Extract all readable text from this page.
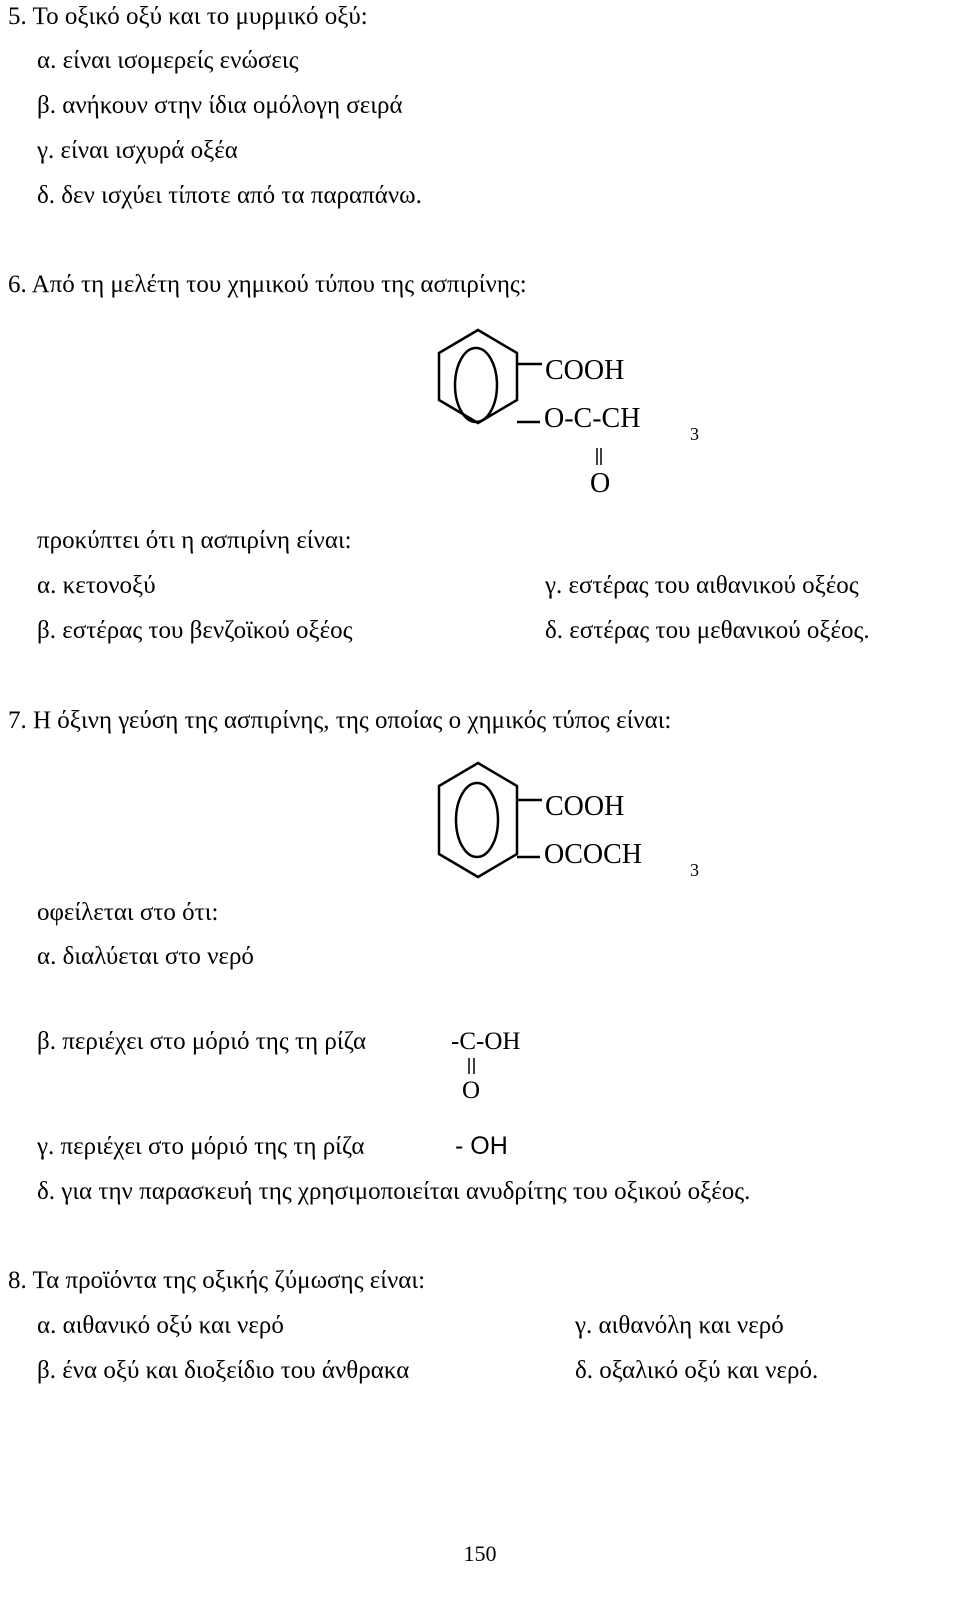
5. Το οξικό οξύ και το μυρμικό οξύ:
α. είναι ισομερείς ενώσεις
β. ανήκουν στην ίδια ομόλογη σειρά
γ. είναι ισχυρά οξέα
δ. δεν ισχύει τίποτε από τα παραπάνω.
6. Από τη μελέτη του χημικού τύπου της ασπιρίνης:
COOH
O-C-CH	3
O
προκύπτει ότι η ασπιρίνη είναι:
α. κετονοξύ	γ. εστέρας του αιθανικού οξέος
β. εστέρας του βενζοϊκού οξέος	δ. εστέρας του μεθανικού οξέος.
7. Η όξινη γεύση της ασπιρίνης, της οποίας ο χημικός τύπος είναι:
COOH
OCOCH	3
οφείλεται στο ότι:
α. διαλύεται στο νερό
β. περιέχει στο μόριό της τη ρίζα	-C-OH
O
γ. περιέχει στο μόριό της τη ρίζα	- OH
δ. για την παρασκευή της χρησιμοποιείται ανυδρίτης του οξικού οξέος.
8. Τα προϊόντα της οξικής ζύμωσης είναι:
α. αιθανικό οξύ και νερό	γ. αιθανόλη και νερό
β. ένα οξύ και διοξείδιο του άνθρακα	δ. οξαλικό οξύ και νερό.
150
